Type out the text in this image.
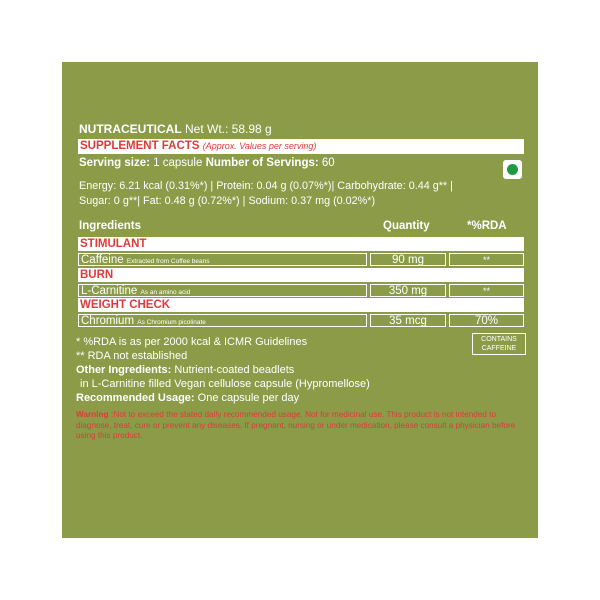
NUTRACEUTICAL Net Wt.: 58.98 g
SUPPLEMENT FACTS (Approx. Values per serving)
Serving size: 1 capsule Number of Servings: 60
Energy: 6.21 kcal (0.31%*) | Protein: 0.04 g (0.07%*)| Carbohydrate: 0.44 g** |
Sugar: 0 g**| Fat: 0.48 g (0.72%*) | Sodium: 0.37 mg (0.02%*)
Ingredients	Quantity	*%RDA
STIMULANT
Caffeine Extracted from Coffee beans	90 mg	**
BURN
L-Carnitine As an amino acid	350 mg	**
WEIGHT CHECK
Chromium As Chromium picolinate	35 mcg	70%
* %RDA is as per 2000 kcal & ICMR Guidelines
** RDA not established
CONTAINS
CAFFEINE
Other Ingredients: Nutrient-coated beadlets
in L-Carnitine filled Vegan cellulose capsule (Hypromellose)
Recommended Usage: One capsule per day
Warning :Not to exceed the stated daily recommended usage. Not for medicinal use. This product is not intended to diagnose, treat, cure or prevent any diseases. If pregnant, nursing or under medication, please consult a physician before using this product.
